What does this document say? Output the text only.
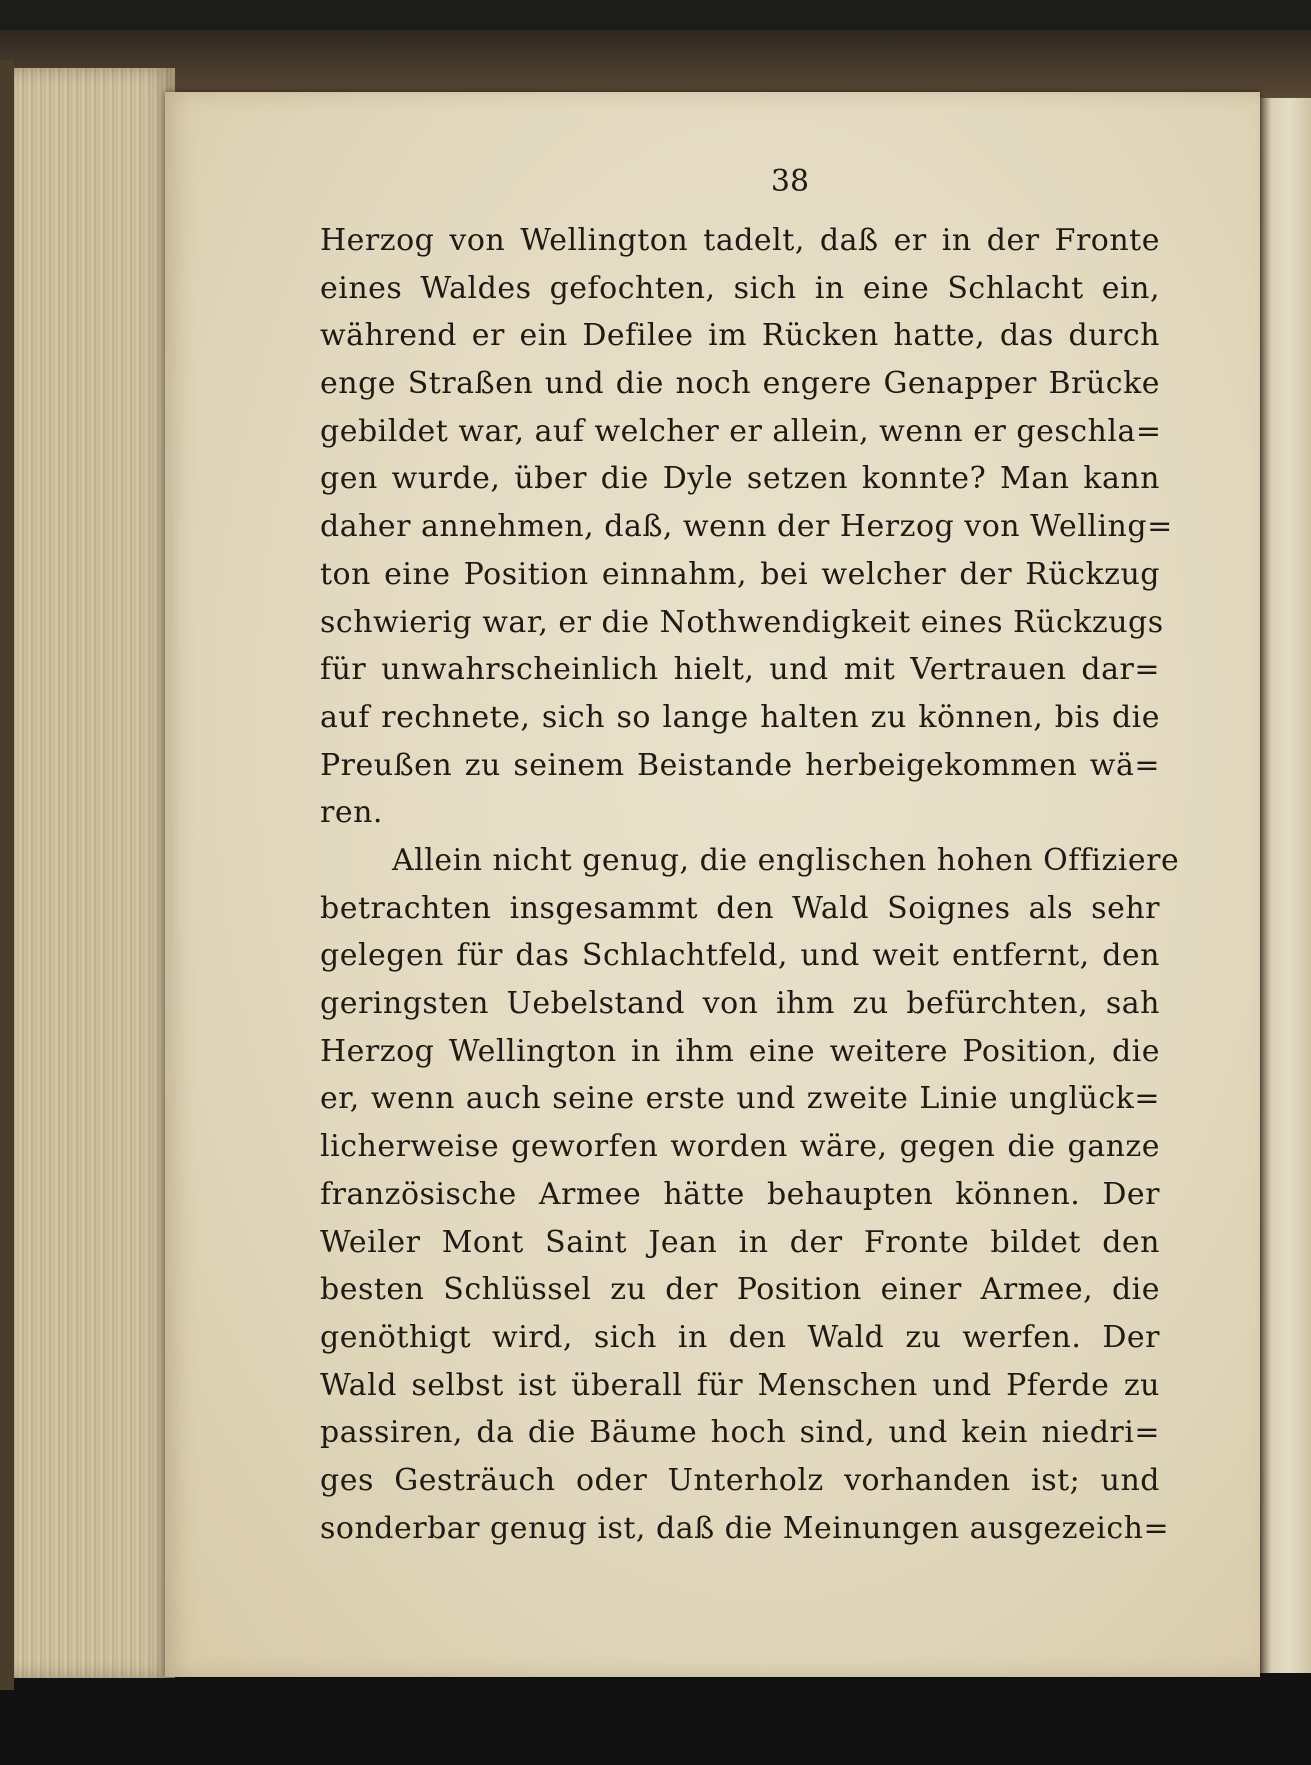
38
Herzog von Wellington tadelt, daß er in der Fronte
eines Waldes gefochten, sich in eine Schlacht ein,
während er ein Defilee im Rücken hatte, das durch
enge Straßen und die noch engere Genapper Brücke
gebildet war, auf welcher er allein, wenn er geschla=
gen wurde, über die Dyle setzen konnte? Man kann
daher annehmen, daß, wenn der Herzog von Welling=
ton eine Position einnahm, bei welcher der Rückzug
schwierig war, er die Nothwendigkeit eines Rückzugs
für unwahrscheinlich hielt, und mit Vertrauen dar=
auf rechnete, sich so lange halten zu können, bis die
Preußen zu seinem Beistande herbeigekommen wä=
ren.
Allein nicht genug, die englischen hohen Offiziere
betrachten insgesammt den Wald Soignes als sehr
gelegen für das Schlachtfeld, und weit entfernt, den
geringsten Uebelstand von ihm zu befürchten, sah
Herzog Wellington in ihm eine weitere Position, die
er, wenn auch seine erste und zweite Linie unglück=
licherweise geworfen worden wäre, gegen die ganze
französische Armee hätte behaupten können. Der
Weiler Mont Saint Jean in der Fronte bildet den
besten Schlüssel zu der Position einer Armee, die
genöthigt wird, sich in den Wald zu werfen. Der
Wald selbst ist überall für Menschen und Pferde zu
passiren, da die Bäume hoch sind, und kein niedri=
ges Gesträuch oder Unterholz vorhanden ist; und
sonderbar genug ist, daß die Meinungen ausgezeich=
